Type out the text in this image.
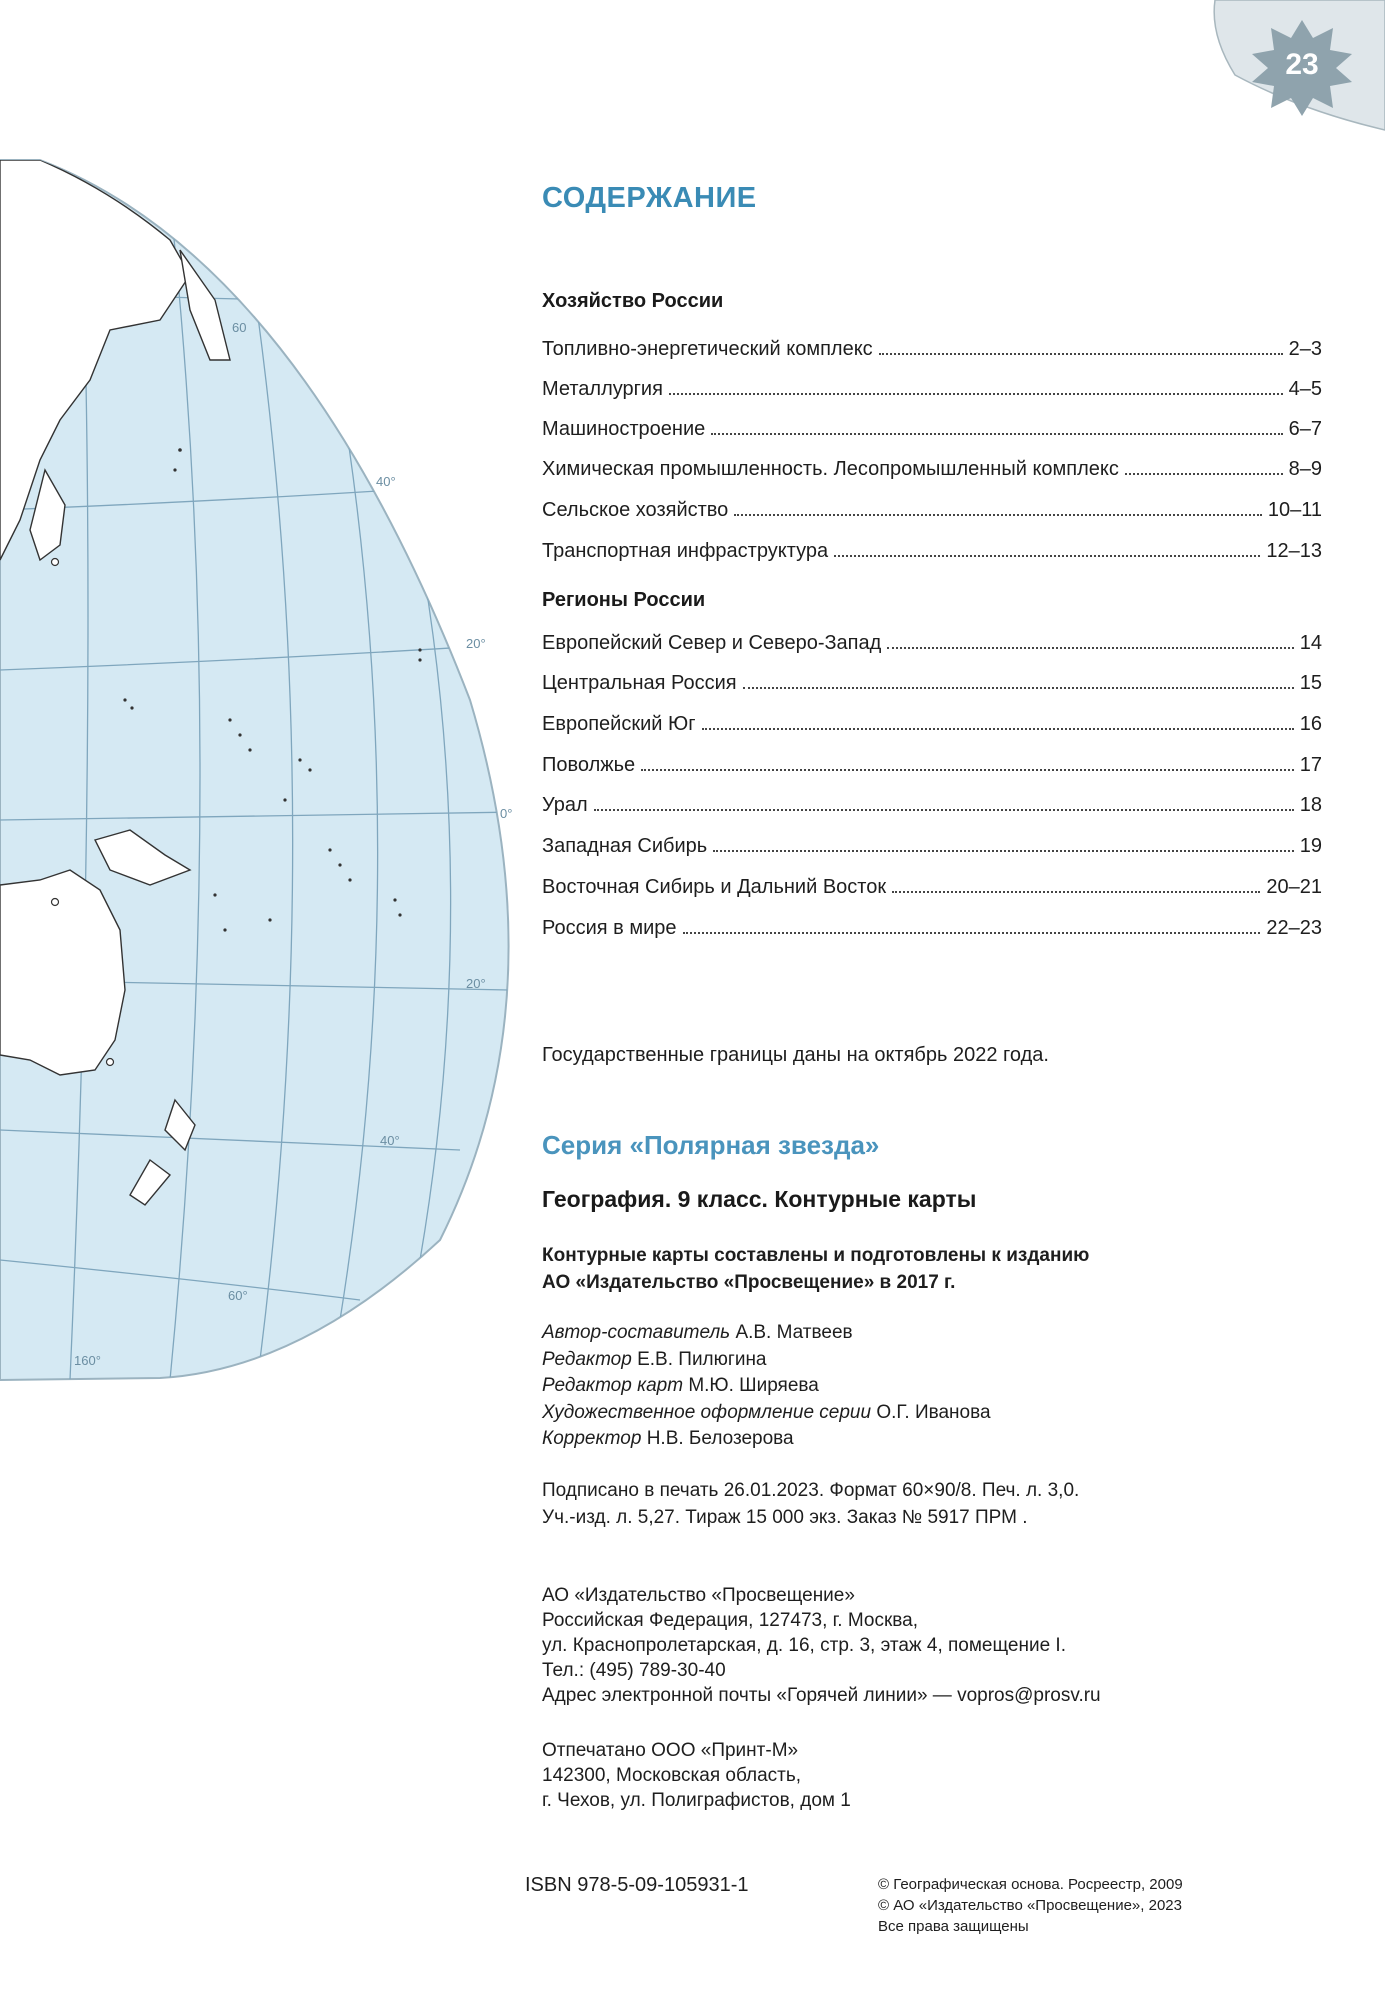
60
40°
20°
0°
20°
40°
60°
160°
23
СОДЕРЖАНИЕ
Хозяйство России
Топливно-энергетический комплекс	2–3
Металлургия	4–5
Машиностроение	6–7
Химическая промышленность. Лесопромышленный комплекс	8–9
Сельское хозяйство	10–11
Транспортная инфраструктура	12–13
Регионы России
Европейский Север и Северо-Запад	14
Центральная Россия	15
Европейский Юг	16
Поволжье	17
Урал	18
Западная Сибирь	19
Восточная Сибирь и Дальний Восток	20–21
Россия в мире	22–23
Государственные границы даны на октябрь 2022 года.
Серия «Полярная звезда»
География. 9 класс. Контурные карты
Контурные карты составлены и подготовлены к изданию
АО «Издательство «Просвещение» в 2017 г.
Автор-составитель А.В. Матвеев
Редактор Е.В. Пилюгина
Редактор карт М.Ю. Ширяева
Художественное оформление серии О.Г. Иванова
Корректор Н.В. Белозерова
Подписано в печать 26.01.2023. Формат 60×90/8. Печ. л. 3,0.
Уч.-изд. л. 5,27. Тираж 15 000 экз. Заказ № 5917 ПРМ .
АО «Издательство «Просвещение»
Российская Федерация, 127473, г. Москва,
ул. Краснопролетарская, д. 16, стр. 3, этаж 4, помещение I.
Тел.: (495) 789-30-40
Адрес электронной почты «Горячей линии» — vopros@prosv.ru
Отпечатано ООО «Принт-М»
142300, Московская область,
г. Чехов, ул. Полиграфистов, дом 1
ISBN 978-5-09-105931-1	© Географическая основа. Росреестр, 2009
© АО «Издательство «Просвещение», 2023
Все права защищены
